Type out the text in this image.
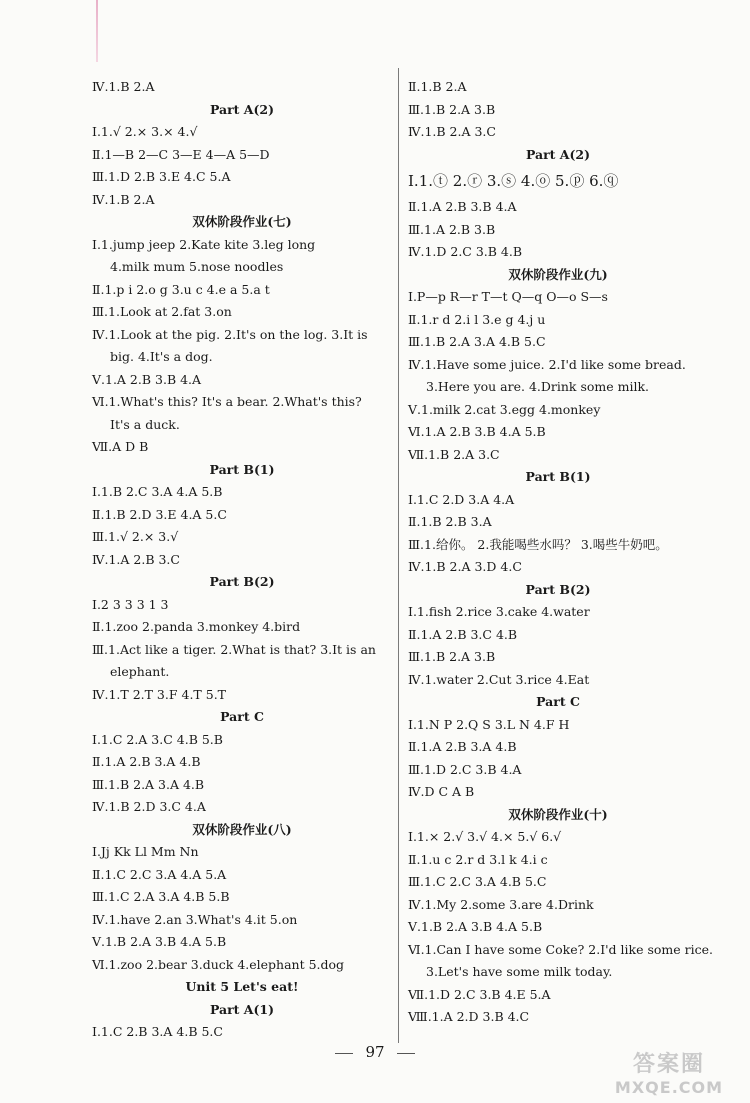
Ⅳ.1.B 2.A
Part A(2)
Ⅰ.1.√ 2.× 3.× 4.√
Ⅱ.1—B 2—C 3—E 4—A 5—D
Ⅲ.1.D 2.B 3.E 4.C 5.A
Ⅳ.1.B 2.A
双休阶段作业(七)
Ⅰ.1.jump jeep 2.Kate kite 3.leg long
4.milk mum 5.nose noodles
Ⅱ.1.p i 2.o g 3.u c 4.e a 5.a t
Ⅲ.1.Look at 2.fat 3.on
Ⅳ.1.Look at the pig. 2.It's on the log. 3.It is
big. 4.It's a dog.
Ⅴ.1.A 2.B 3.B 4.A
Ⅵ.1.What's this? It's a bear. 2.What's this?
It's a duck.
Ⅶ.A D B
Part B(1)
Ⅰ.1.B 2.C 3.A 4.A 5.B
Ⅱ.1.B 2.D 3.E 4.A 5.C
Ⅲ.1.√ 2.× 3.√
Ⅳ.1.A 2.B 3.C
Part B(2)
Ⅰ.2 3 3 3 1 3
Ⅱ.1.zoo 2.panda 3.monkey 4.bird
Ⅲ.1.Act like a tiger. 2.What is that? 3.It is an
elephant.
Ⅳ.1.T 2.T 3.F 4.T 5.T
Part C
Ⅰ.1.C 2.A 3.C 4.B 5.B
Ⅱ.1.A 2.B 3.A 4.B
Ⅲ.1.B 2.A 3.A 4.B
Ⅳ.1.B 2.D 3.C 4.A
双休阶段作业(八)
Ⅰ.Jj Kk Ll Mm Nn
Ⅱ.1.C 2.C 3.A 4.A 5.A
Ⅲ.1.C 2.A 3.A 4.B 5.B
Ⅳ.1.have 2.an 3.What's 4.it 5.on
Ⅴ.1.B 2.A 3.B 4.A 5.B
Ⅵ.1.zoo 2.bear 3.duck 4.elephant 5.dog
Unit 5 Let's eat!
Part A(1)
Ⅰ.1.C 2.B 3.A 4.B 5.C
Ⅱ.1.B 2.A
Ⅲ.1.B 2.A 3.B
Ⅳ.1.B 2.A 3.C
Part A(2)
Ⅰ.1.ⓣ 2.ⓡ 3.ⓢ 4.ⓞ 5.ⓟ 6.ⓠ
Ⅱ.1.A 2.B 3.B 4.A
Ⅲ.1.A 2.B 3.B
Ⅳ.1.D 2.C 3.B 4.B
双休阶段作业(九)
Ⅰ.P—p R—r T—t Q—q O—o S—s
Ⅱ.1.r d 2.i l 3.e g 4.j u
Ⅲ.1.B 2.A 3.A 4.B 5.C
Ⅳ.1.Have some juice. 2.I'd like some bread.
3.Here you are. 4.Drink some milk.
Ⅴ.1.milk 2.cat 3.egg 4.monkey
Ⅵ.1.A 2.B 3.B 4.A 5.B
Ⅶ.1.B 2.A 3.C
Part B(1)
Ⅰ.1.C 2.D 3.A 4.A
Ⅱ.1.B 2.B 3.A
Ⅲ.1.给你。 2.我能喝些水吗？ 3.喝些牛奶吧。
Ⅳ.1.B 2.A 3.D 4.C
Part B(2)
Ⅰ.1.fish 2.rice 3.cake 4.water
Ⅱ.1.A 2.B 3.C 4.B
Ⅲ.1.B 2.A 3.B
Ⅳ.1.water 2.Cut 3.rice 4.Eat
Part C
Ⅰ.1.N P 2.Q S 3.L N 4.F H
Ⅱ.1.A 2.B 3.A 4.B
Ⅲ.1.D 2.C 3.B 4.A
Ⅳ.D C A B
双休阶段作业(十)
Ⅰ.1.× 2.√ 3.√ 4.× 5.√ 6.√
Ⅱ.1.u c 2.r d 3.l k 4.i c
Ⅲ.1.C 2.C 3.A 4.B 5.C
Ⅳ.1.My 2.some 3.are 4.Drink
Ⅴ.1.B 2.A 3.B 4.A 5.B
Ⅵ.1.Can I have some Coke? 2.I'd like some rice.
3.Let's have some milk today.
Ⅶ.1.D 2.C 3.B 4.E 5.A
Ⅷ.1.A 2.D 3.B 4.C
97	答案圈
MXQE.COM
